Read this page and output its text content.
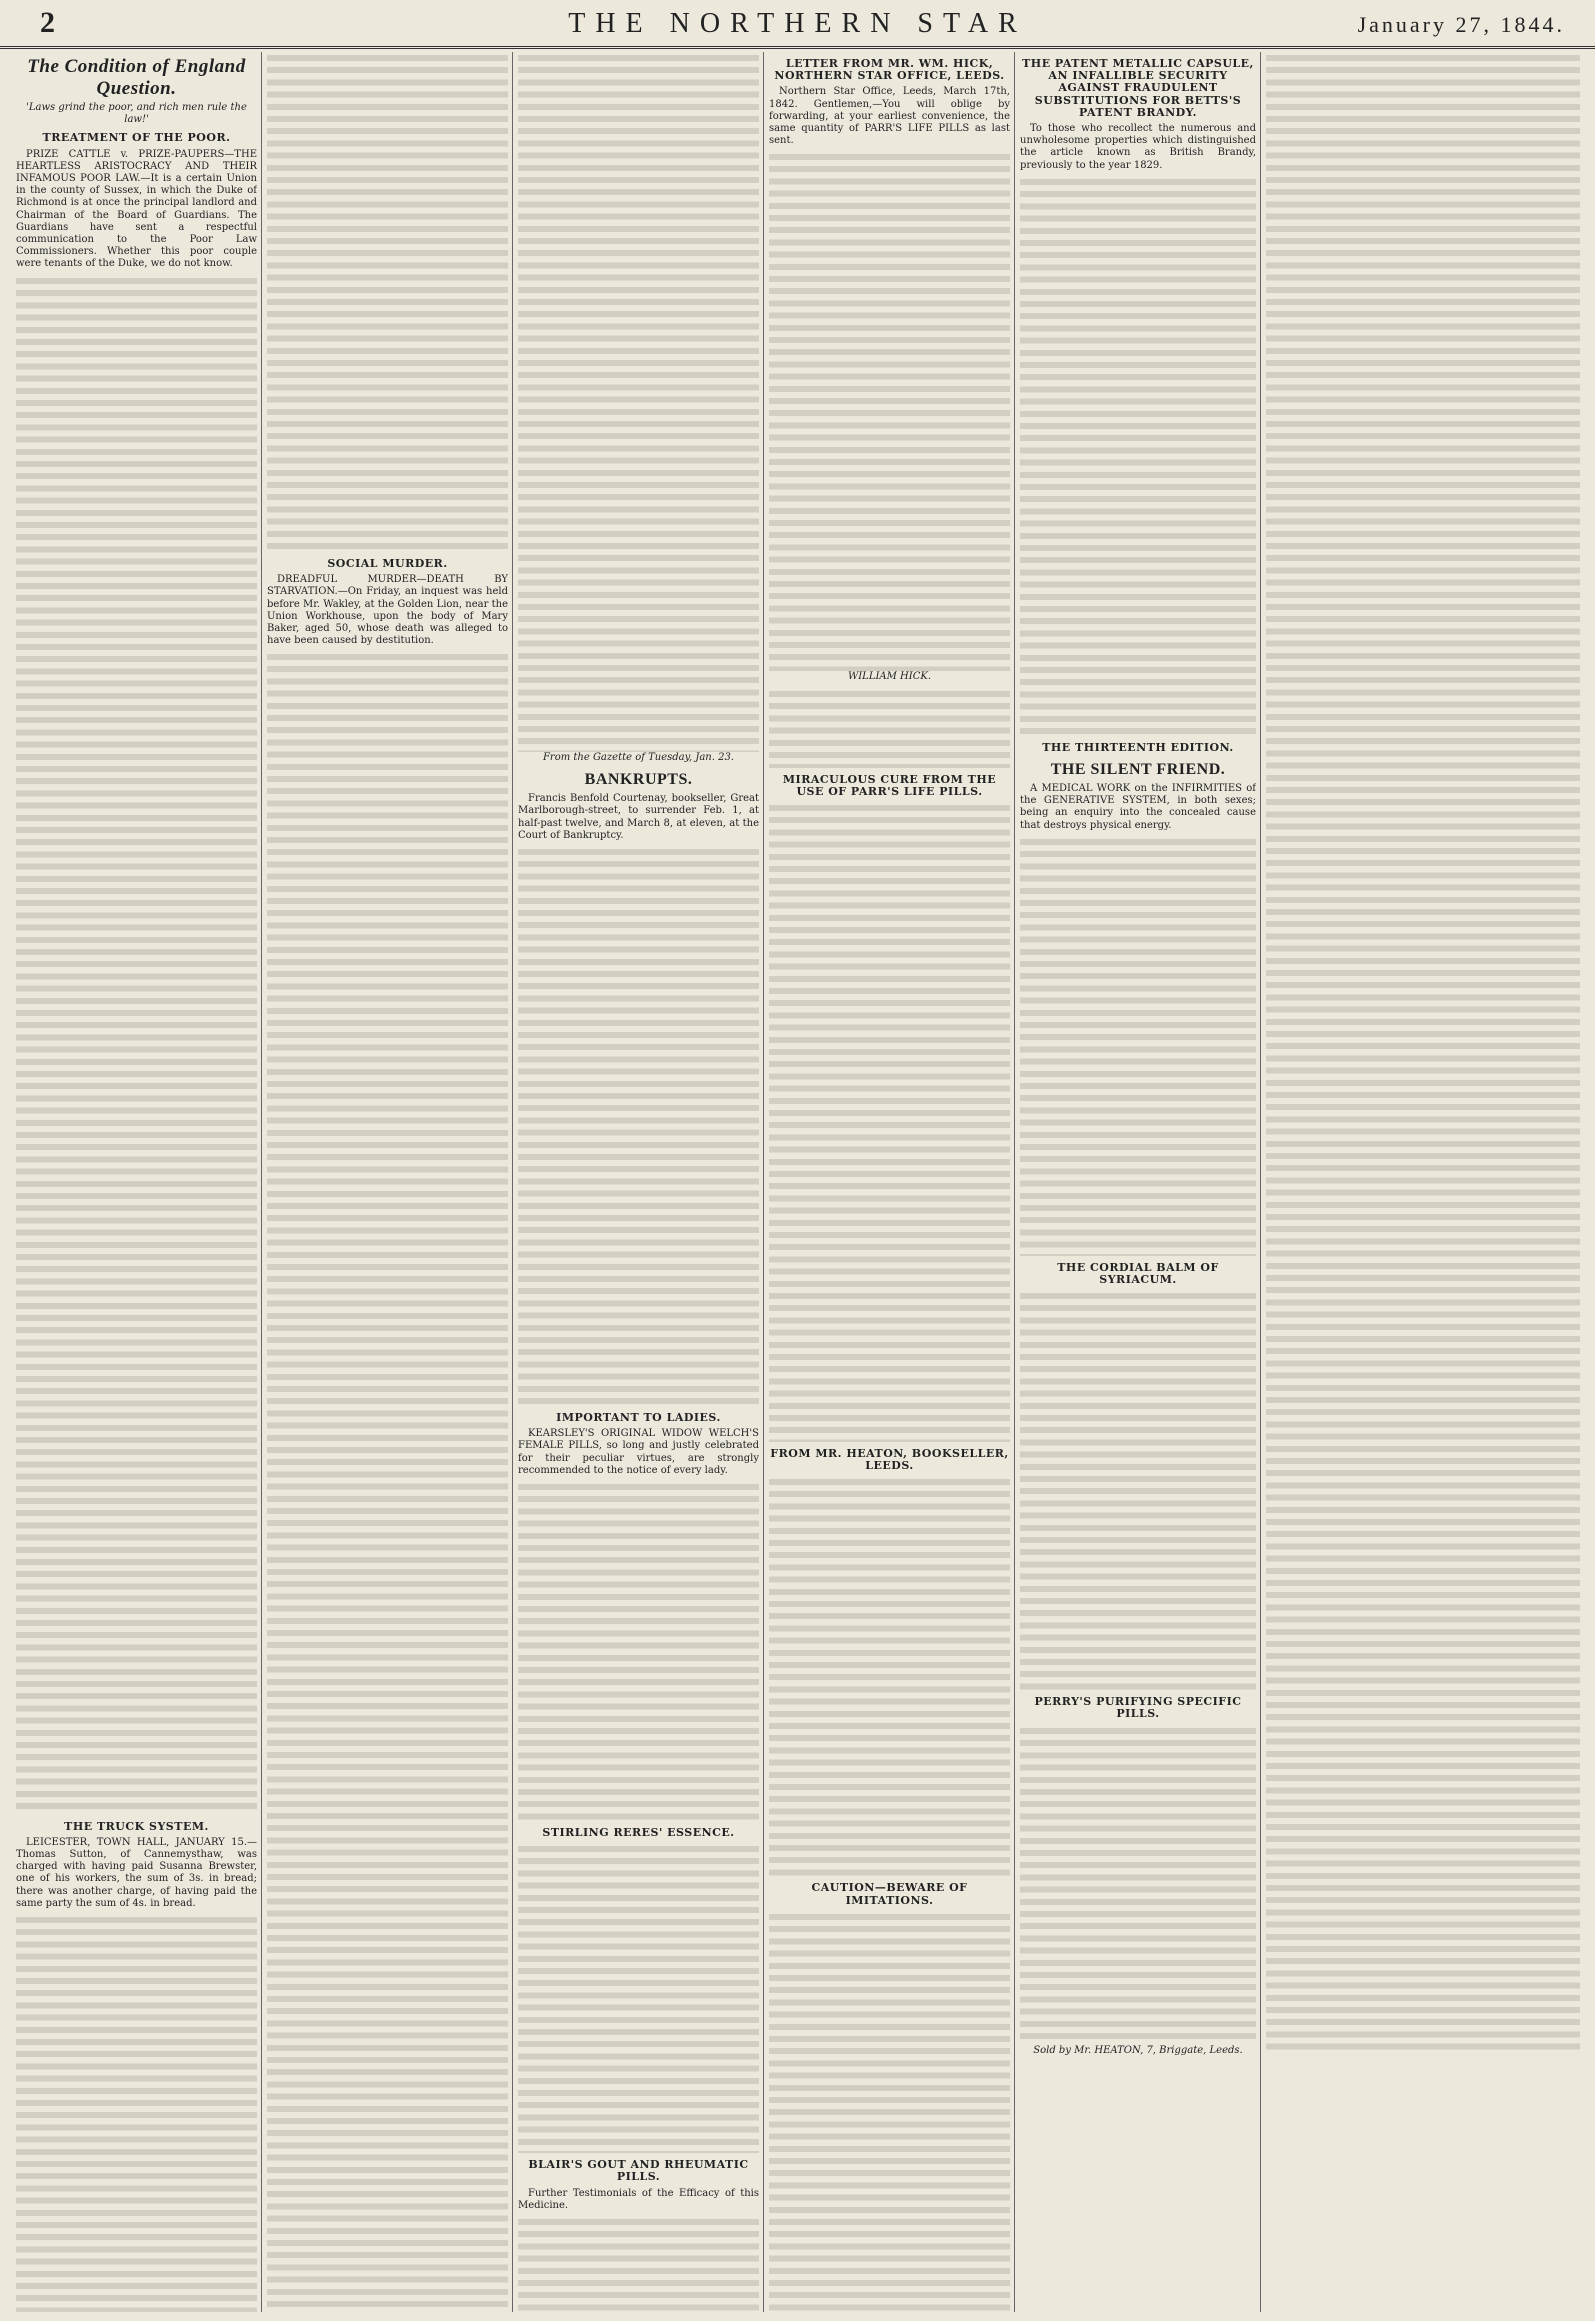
2	THE NORTHERN STAR	January 27, 1844.
The Condition of England Question.
'Laws grind the poor, and rich men rule the law!'
TREATMENT OF THE POOR.

PRIZE CATTLE v. PRIZE-PAUPERS—THE HEARTLESS ARISTOCRACY AND THEIR INFAMOUS POOR LAW.—It is a certain Union in the county of Sussex, in which the Duke of Richmond is at once the principal landlord and Chairman of the Board of Guardians. The Guardians have sent a respectful communication to the Poor Law Commissioners. Whether this poor couple were tenants of the Duke, we do not know.

THE TRUCK SYSTEM.

LEICESTER, TOWN HALL, JANUARY 15.—Thomas Sutton, of Cannemysthaw, was charged with having paid Susanna Brewster, one of his workers, the sum of 3s. in bread; there was another charge, of having paid the same party the sum of 4s. in bread.

SOCIAL MURDER.

DREADFUL MURDER—DEATH BY STARVATION.—On Friday, an inquest was held before Mr. Wakley, at the Golden Lion, near the Union Workhouse, upon the body of Mary Baker, aged 50, whose death was alleged to have been caused by destitution.

From the Gazette of Tuesday, Jan. 23.
BANKRUPTS.

Francis Benfold Courtenay, bookseller, Great Marlborough-street, to surrender Feb. 1, at half-past twelve, and March 8, at eleven, at the Court of Bankruptcy.

IMPORTANT TO LADIES.

KEARSLEY'S ORIGINAL WIDOW WELCH'S FEMALE PILLS, so long and justly celebrated for their peculiar virtues, are strongly recommended to the notice of every lady.

STIRLING RERES' ESSENCE.
BLAIR'S GOUT AND RHEUMATIC PILLS.

Further Testimonials of the Efficacy of this Medicine.

LETTER FROM MR. WM. HICK, NORTHERN STAR OFFICE, LEEDS.

Northern Star Office, Leeds, March 17th, 1842. Gentlemen,—You will oblige by forwarding, at your earliest convenience, the same quantity of PARR'S LIFE PILLS as last sent.

WILLIAM HICK.
MIRACULOUS CURE FROM THE USE OF PARR'S LIFE PILLS.
FROM MR. HEATON, BOOKSELLER, LEEDS.
CAUTION—BEWARE OF IMITATIONS.
THE PATENT METALLIC CAPSULE, AN INFALLIBLE SECURITY AGAINST FRAUDULENT SUBSTITUTIONS FOR BETTS'S PATENT BRANDY.

To those who recollect the numerous and unwholesome properties which distinguished the article known as British Brandy, previously to the year 1829.

THE THIRTEENTH EDITION.
THE SILENT FRIEND.

A MEDICAL WORK on the INFIRMITIES of the GENERATIVE SYSTEM, in both sexes; being an enquiry into the concealed cause that destroys physical energy.

THE CORDIAL BALM OF SYRIACUM.
PERRY'S PURIFYING SPECIFIC PILLS.
Sold by Mr. HEATON, 7, Briggate, Leeds.
